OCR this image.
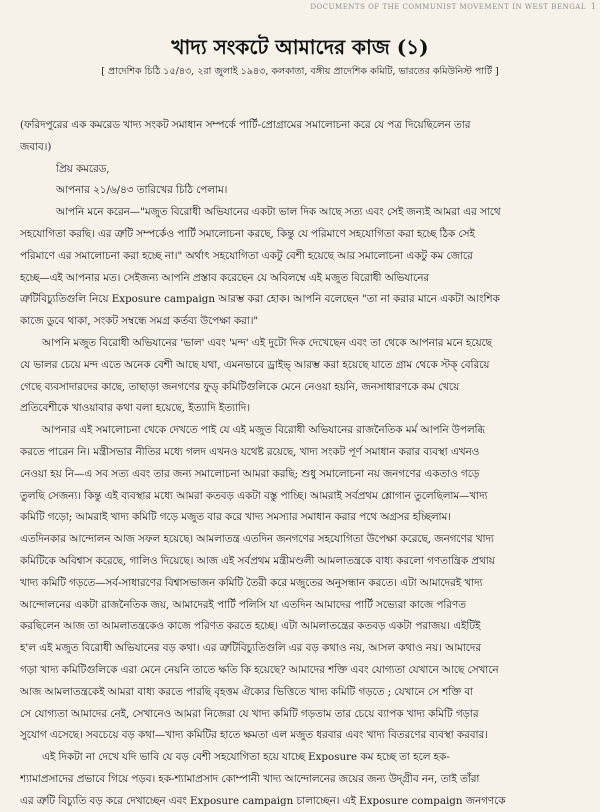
DOCUMENTS OF THE COMMUNIST MOVEMENT IN WEST BENGAL 1
খাদ্য সংকটে আমাদের কাজ (১)
[ প্রাদেশিক চিঠি ১৫/৪৩, ২রা জুলাই ১৯৪৩, কলকাতা, বঙ্গীয় প্রাদেশিক কমিটি, ভারতের কমিউনিস্ট পার্টি ]
(ফরিদপুরের এক কমরেড খাদ্য সংকট সমাধান সম্পর্কে পার্টি-প্রোগ্রামের সমালোচনা করে যে পত্র দিয়েছিলেন তার
জবাব।)
প্রিয় কমরেড,
আপনার ২১/৬/৪৩ তারিখের চিঠি পেলাম।
আপনি মনে করেন—"মজুত বিরোধী অভিযানের একটা ভাল দিক আছে সত্য এবং সেই জন্যই আমরা এর সাথে
সহযোগিতা করছি। এর ত্রুটি সম্পর্কেও পার্টি সমালোচনা করছে, কিন্তু যে পরিমাণে সহযোগিতা করা হচ্ছে ঠিক সেই
পরিমাণে এর সমালোচনা করা হচ্ছে না।" অর্থাৎ সহযোগিতা একটু বেশী হয়েছে আর সমালোচনা একটু কম জোরে
হচ্ছে—এই আপনার মত। সেইজন্য আপনি প্রস্তাব করেছেন যে অবিলম্বে এই মজুত বিরোধী অভিযানের
ত্রুটিবিচ্যুতিগুলি নিয়ে Exposure campaign আরম্ভ করা হোক। আপনি বলেছেন "তা না করার মানে একটা আংশিক
কাজে ডুবে থাকা, সংকট সম্বন্ধে সমগ্র কর্তব্য উপেক্ষা করা।"
আপনি মজুত বিরোধী অভিযানের 'ভাল' এবং 'মন্দ' এই দুটো দিক দেখেছেন এবং তা থেকে আপনার মনে হয়েছে
যে ভালর চেয়ে মন্দ এতে অনেক বেশী আছে যথা, এমনভাবে ড্রাইভ্ আরম্ভ করা হয়েছে যাতে গ্রাম থেকে স্টক্ বেরিয়ে
গেছে ব্যবসাদারদের কাছে, তাছাড়া জনগণের ফুড্ কমিটিগুলিকে মেনে নেওয়া হয়নি, জনসাধারণকে কম খেয়ে
প্রতিবেশীকে খাওয়াবার কথা বলা হয়েছে, ইত্যাদি ইত্যাদি।
আপনার এই সমালোচনা থেকে দেখতে পাই যে এই মজুত বিরোধী অভিযানের রাজনৈতিক মর্ম আপনি উপলব্ধি
করতে পারেন নি। মন্ত্রীসভার নীতির মধ্যে গলদ এখনও যথেষ্ট রয়েছে, খাদ্য সংকট পূর্ণ সমাধান করার ব্যবস্থা এখনও
নেওয়া হয় নি—এ সব সত্য এবং তার জন্য সমালোচনা আমরা করছি; শুধু সমালোচনা নয় জনগণের একতাও গড়ে
তুলছি সেজন্য। কিন্তু এই ব্যবস্থার মধ্যে আমরা কতবড় একটা বস্তু পাচ্ছি। আমরাই সর্বপ্রথম শ্লোগান তুলেছিলাম—খাদ্য
কমিটি গড়ো; আমরাই খাদ্য কমিটি গড়ে মজুত বার করে খাদ্য সমস্যার সমাধান করার পথে অগ্রসর হচ্ছিলাম।
এতদিনকার আন্দোলন আজ সফল হয়েছে। আমলাতন্ত্র এতদিন জনগণের সহযোগিতা উপেক্ষা করেছে, জনগণের খাদ্য
কমিটিকে অবিশ্বাস করেছে, গালিও দিয়েছে। আজ এই সর্বপ্রথম মন্ত্রীমণ্ডলী আমলাতন্ত্রকে বাধ্য করলো গণতান্ত্রিক প্রথায়
খাদ্য কমিটি গড়তে—সর্ব-সাধারণের বিশ্বাসভাজন কমিটি তৈরী করে মজুতের অনুসন্ধান করতে। এটা আমাদেরই খাদ্য
আন্দোলনের একটা রাজনৈতিক জয়, আমাদেরই পার্টি পলিসি যা এতদিন আমাদের পার্টি সভ্যেরা কাজে পরিণত
করছিলেন আজ তা আমলাতন্ত্রকেও কাজে পরিণত করতে হচ্ছে। এটা আমলাতন্ত্রের কতবড় একটা পরাজয়। এইটিই
হ'ল এই মজুত বিরোধী অভিযানের বড় কথা। এর ত্রুটিবিচ্যুতিগুলি এর বড় কথাও নয়, আসল কথাও নয়। আমাদের
গড়া খাদ্য কমিটিগুলিকে এরা মেনে নেয়নি তাতে ক্ষতি কি হয়েছে? আমাদের শক্তি এবং যোগ্যতা যেখানে আছে সেখানে
আজ আমলাতন্ত্রকেই আমরা বাধ্য করতে পারছি বৃহত্তম ঐক্যের ভিত্তিতে খাদ্য কমিটি গড়তে ; যেখানে সে শক্তি বা
সে যোগ্যতা আমাদের নেই, সেখানেও আমরা নিজেরা যে খাদ্য কমিটি গড়তাম তার চেয়ে ব্যাপক খাদ্য কমিটি গড়ার
সুযোগ এসেছে। সবচেয়ে বড় কথা—খাদ্য কমিটির হাতে ক্ষমতা এল মজুত ধরবার এবং খাদ্য বিতরণের ব্যবস্থা করবার।
এই দিকটা না দেখে যদি ভাবি যে বড় বেশী সহযোগিতা হয়ে যাচ্ছে Exposure কম হচ্ছে তা হলে হক-
শ্যামাপ্রসাদের প্রভাবে গিয়ে পড়ব। হক-শ্যামাপ্রসাদ কোম্পানী খাদ্য আন্দোলনের জয়ের জন্য উদ্গ্রীব নন, তাই তাঁরা
এর ত্রুটি বিচ্যুতি বড় করে দেখাচ্ছেন এবং Exposure campaign চালাচ্ছেন। এই Exposure compaign জনগণকে
